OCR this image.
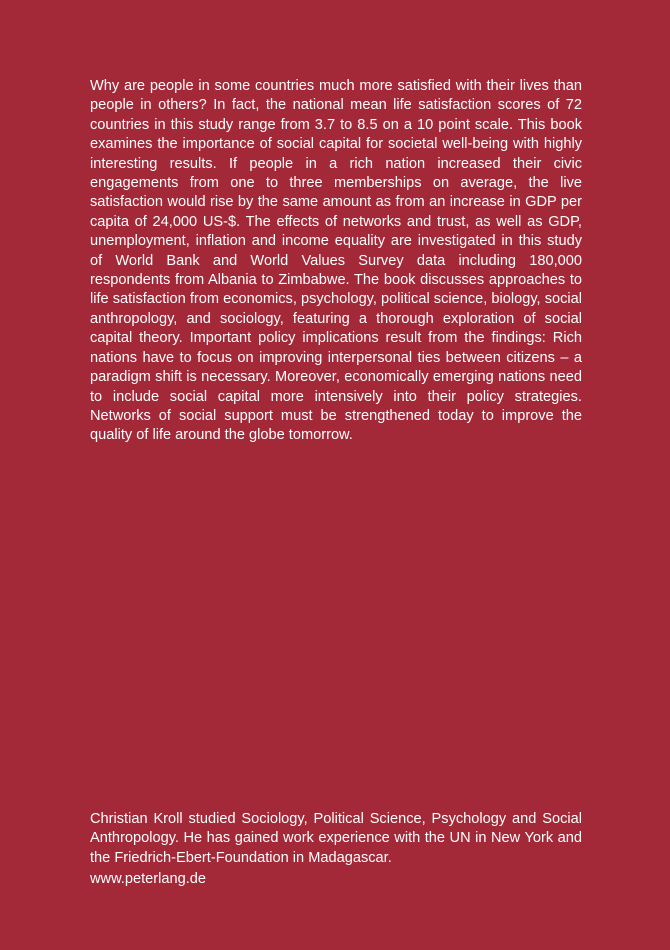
Why are people in some countries much more satisfied with their lives than people in others? In fact, the national mean life satisfaction scores of 72 countries in this study range from 3.7 to 8.5 on a 10 point scale. This book examines the importance of social capital for societal well-being with highly interesting results. If people in a rich nation increased their civic engagements from one to three memberships on average, the live satisfaction would rise by the same amount as from an increase in GDP per capita of 24,000 US-$. The effects of networks and trust, as well as GDP, unemployment, inflation and income equality are investigated in this study of World Bank and World Values Survey data including 180,000 respondents from Albania to Zimbabwe. The book discusses approaches to life satisfaction from economics, psychology, political science, biology, social anthropology, and sociology, featuring a thorough exploration of social capital theory. Important policy implications result from the findings: Rich nations have to focus on improving interpersonal ties between citizens – a paradigm shift is necessary. Moreover, economically emerging nations need to include social capital more intensively into their policy strategies. Networks of social support must be strengthened today to improve the quality of life around the globe tomorrow.

Christian Kroll studied Sociology, Political Science, Psychology and Social Anthropology. He has gained work experience with the UN in New York and the Friedrich-Ebert-Foundation in Madagascar.

www.peterlang.de
